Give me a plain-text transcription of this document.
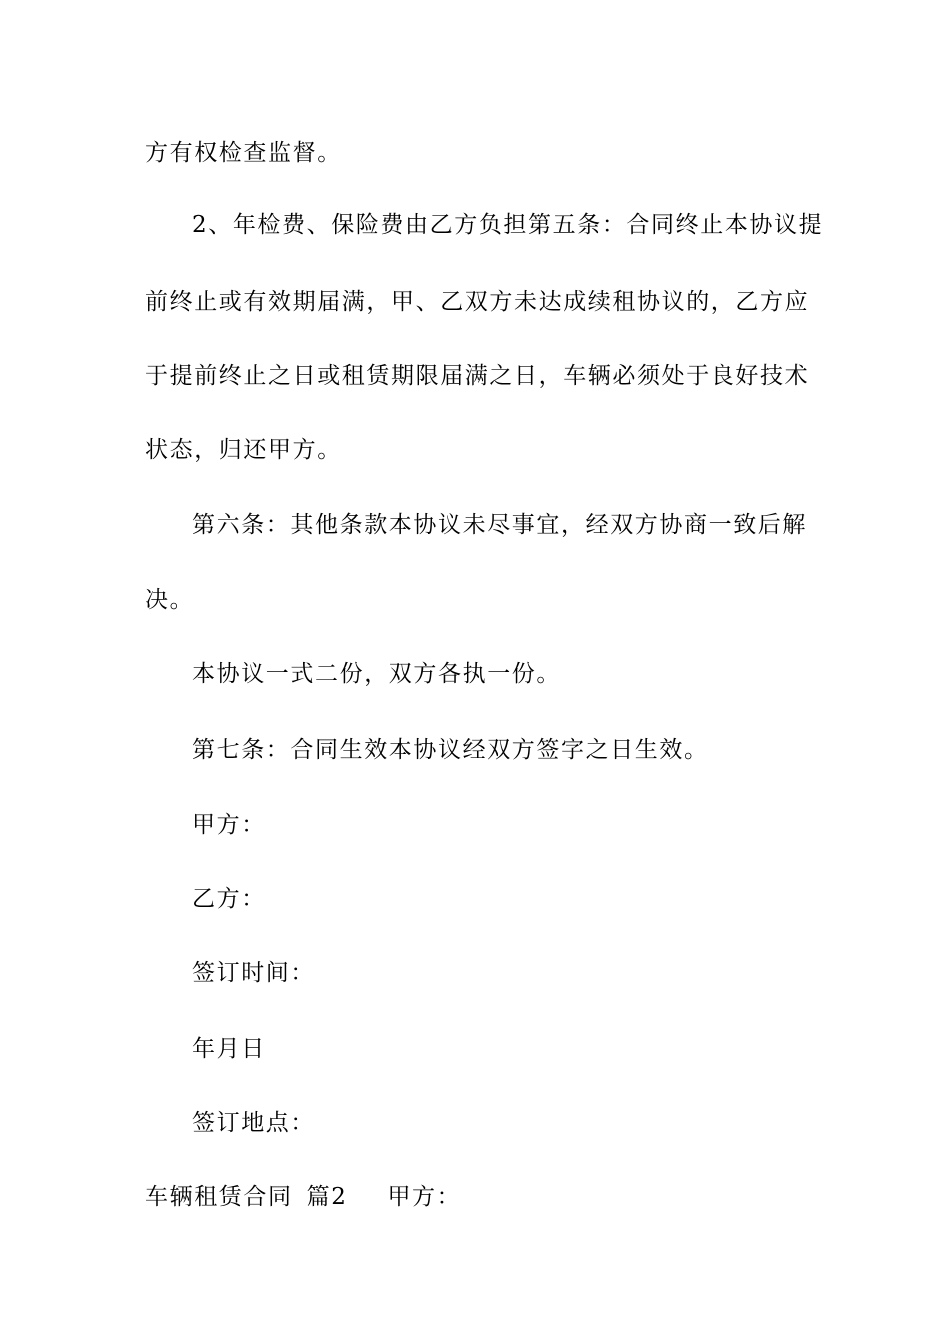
方有权检查监督。
2、年检费、保险费由乙方负担第五条：合同终止本协议提
前终止或有效期届满，甲、乙双方未达成续租协议的，乙方应
于提前终止之日或租赁期限届满之日，车辆必须处于良好技术
状态，归还甲方。
第六条：其他条款本协议未尽事宜，经双方协商一致后解
决。
本协议一式二份，双方各执一份。
第七条：合同生效本协议经双方签字之日生效。
甲方：
乙方：
签订时间：
年月日
签订地点：
车辆租赁合同 篇2 甲方：
